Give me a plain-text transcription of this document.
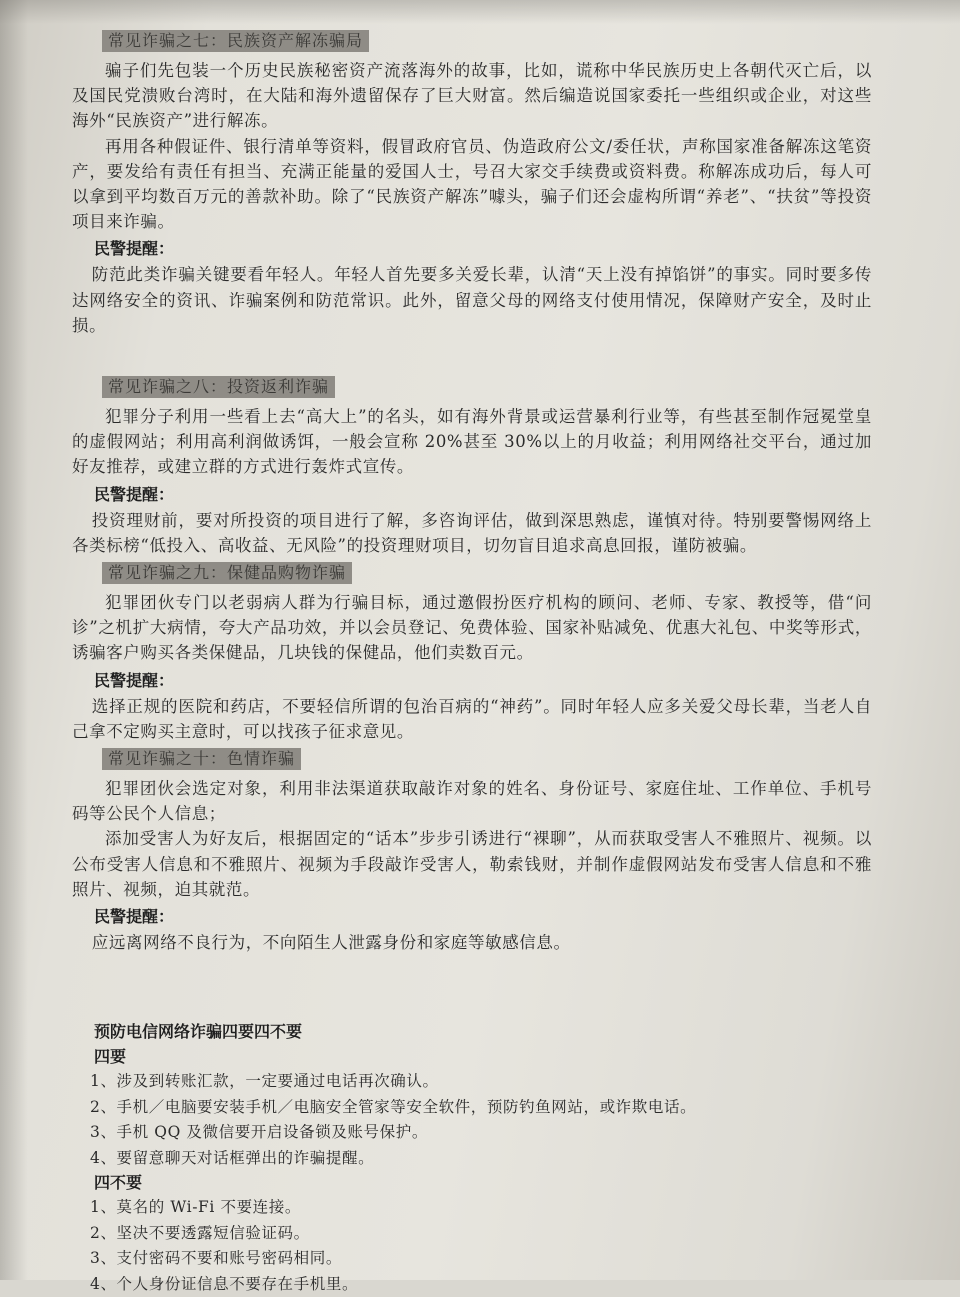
常见诈骗之七：民族资产解冻骗局

骗子们先包装一个历史民族秘密资产流落海外的故事，比如，谎称中华民族历史上各朝代灭亡后，以及国民党溃败台湾时，在大陆和海外遗留保存了巨大财富。然后编造说国家委托一些组织或企业，对这些海外“民族资产”进行解冻。

再用各种假证件、银行清单等资料，假冒政府官员、伪造政府公文/委任状，声称国家准备解冻这笔资产，要发给有责任有担当、充满正能量的爱国人士，号召大家交手续费或资料费。称解冻成功后，每人可以拿到平均数百万元的善款补助。除了“民族资产解冻”噱头，骗子们还会虚构所谓“养老”、“扶贫”等投资项目来诈骗。

民警提醒：

防范此类诈骗关键要看年轻人。年轻人首先要多关爱长辈，认清“天上没有掉馅饼”的事实。同时要多传达网络安全的资讯、诈骗案例和防范常识。此外，留意父母的网络支付使用情况，保障财产安全，及时止损。

常见诈骗之八：投资返利诈骗

犯罪分子利用一些看上去“高大上”的名头，如有海外背景或运营暴利行业等，有些甚至制作冠冕堂皇的虚假网站；利用高利润做诱饵，一般会宣称 20%甚至 30%以上的月收益；利用网络社交平台，通过加好友推荐，或建立群的方式进行轰炸式宣传。

民警提醒：

投资理财前，要对所投资的项目进行了解，多咨询评估，做到深思熟虑，谨慎对待。特别要警惕网络上各类标榜“低投入、高收益、无风险”的投资理财项目，切勿盲目追求高息回报，谨防被骗。

常见诈骗之九：保健品购物诈骗

犯罪团伙专门以老弱病人群为行骗目标，通过邀假扮医疗机构的顾问、老师、专家、教授等，借“问诊”之机扩大病情，夸大产品功效，并以会员登记、免费体验、国家补贴减免、优惠大礼包、中奖等形式，诱骗客户购买各类保健品，几块钱的保健品，他们卖数百元。

民警提醒：

选择正规的医院和药店，不要轻信所谓的包治百病的“神药”。同时年轻人应多关爱父母长辈，当老人自己拿不定购买主意时，可以找孩子征求意见。

常见诈骗之十：色情诈骗

犯罪团伙会选定对象，利用非法渠道获取敲诈对象的姓名、身份证号、家庭住址、工作单位、手机号码等公民个人信息；

添加受害人为好友后，根据固定的“话本”步步引诱进行“裸聊”，从而获取受害人不雅照片、视频。以公布受害人信息和不雅照片、视频为手段敲诈受害人，勒索钱财，并制作虚假网站发布受害人信息和不雅照片、视频，迫其就范。

民警提醒：

应远离网络不良行为，不向陌生人泄露身份和家庭等敏感信息。

预防电信网络诈骗四要四不要
四要
1、涉及到转账汇款，一定要通过电话再次确认。
2、手机／电脑要安装手机／电脑安全管家等安全软件，预防钓鱼网站，或诈欺电话。
3、手机 QQ 及微信要开启设备锁及账号保护。
4、要留意聊天对话框弹出的诈骗提醒。
四不要
1、莫名的 Wi-Fi 不要连接。
2、坚决不要透露短信验证码。
3、支付密码不要和账号密码相同。
4、个人身份证信息不要存在手机里。
